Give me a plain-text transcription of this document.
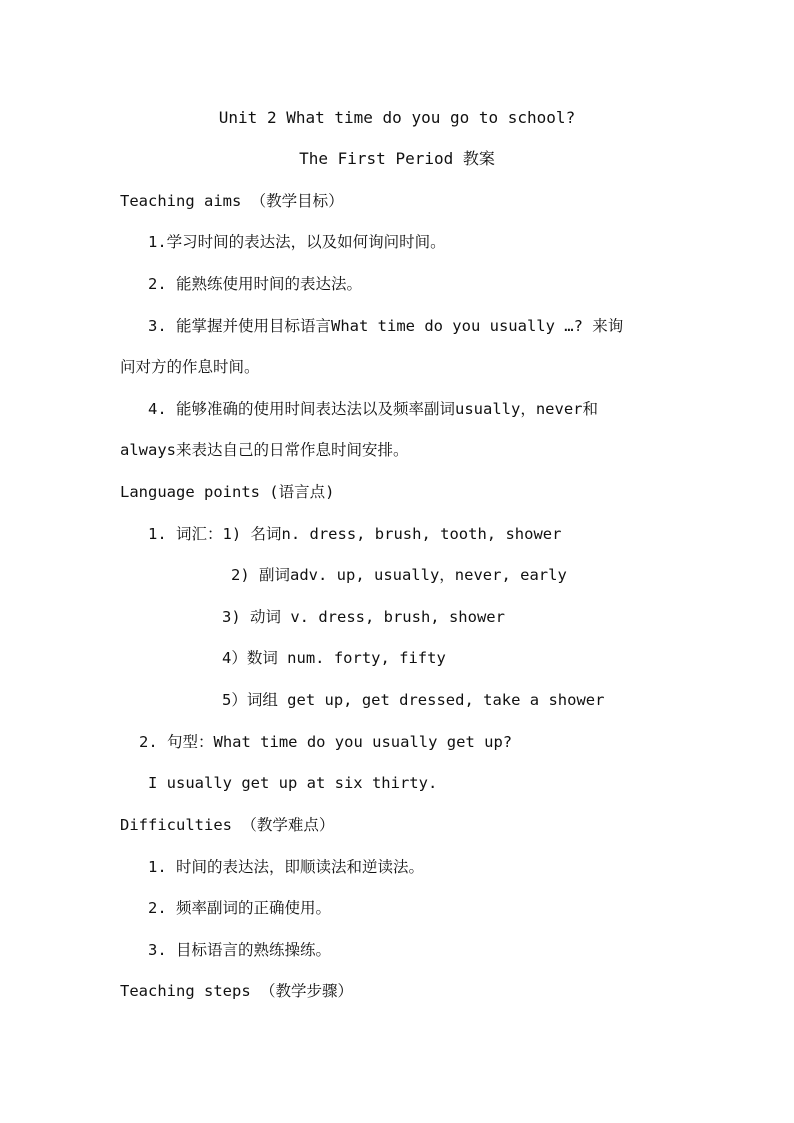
Unit 2 What time do you go to school?
The First Period 教案
Teaching aims （教学目标）
1.学习时间的表达法，以及如何询问时间。
2. 能熟练使用时间的表达法。
3. 能掌握并使用目标语言What time do you usually …? 来询
问对方的作息时间。
4. 能够准确的使用时间表达法以及频率副词usually，never和
always来表达自己的日常作息时间安排。
Language points (语言点)
1. 词汇：1) 名词n. dress, brush, tooth, shower
2) 副词adv. up, usually，never, early
3) 动词 v. dress, brush, shower
4）数词 num. forty, fifty
5）词组 get up, get dressed, take a shower
2. 句型：What time do you usually get up?
I usually get up at six thirty.
Difficulties （教学难点）
1. 时间的表达法，即顺读法和逆读法。
2. 频率副词的正确使用。
3. 目标语言的熟练操练。
Teaching steps （教学步骤）
